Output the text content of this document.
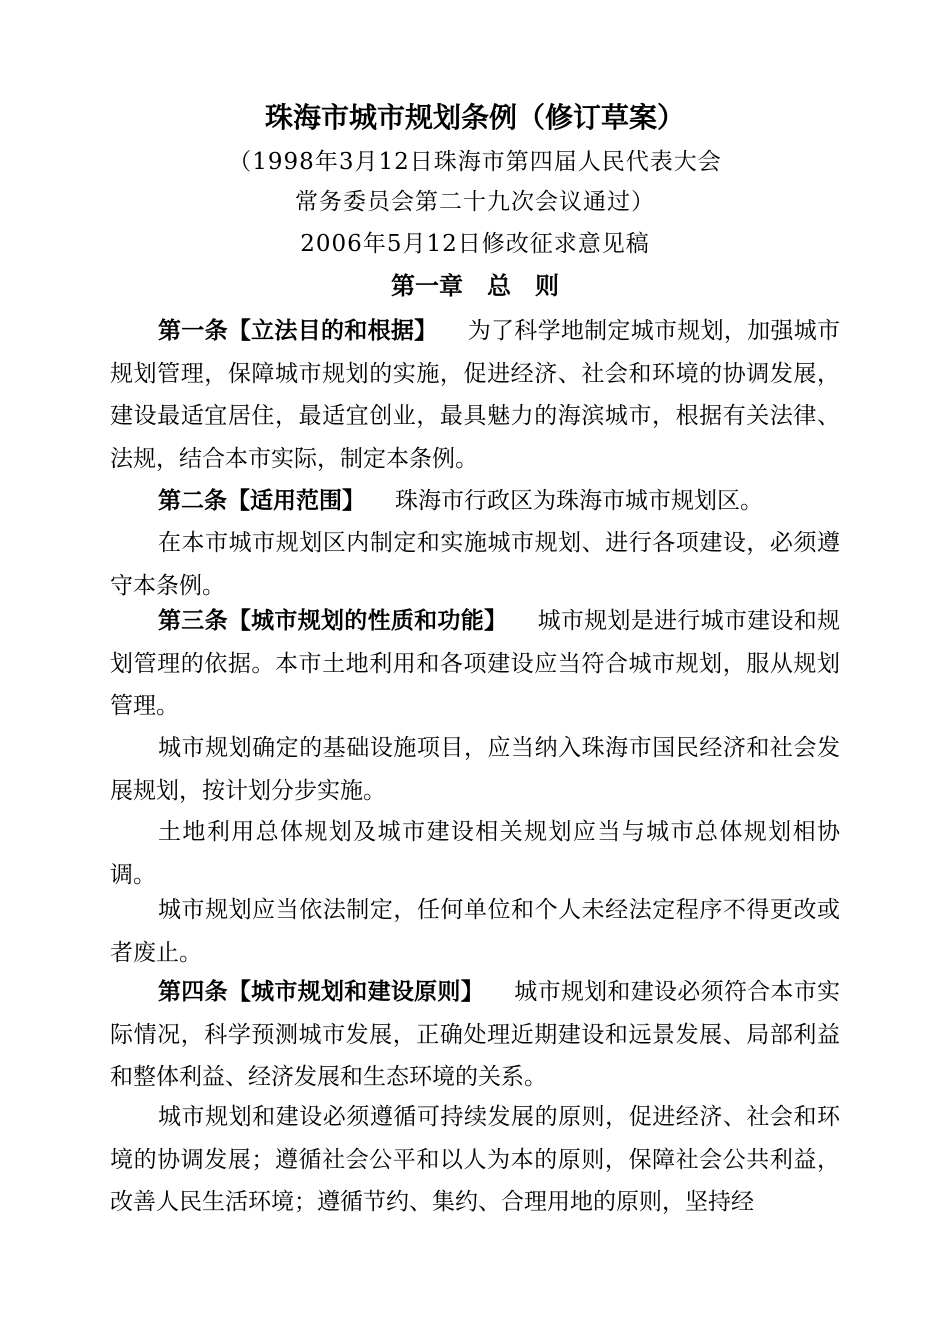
珠海市城市规划条例（修订草案）
（1998年3月12日珠海市第四届人民代表大会
常务委员会第二十九次会议通过）
2006年5月12日修改征求意见稿
第一章　总　则

第一条【立法目的和根据】 为了科学地制定城市规划，加强城市规划管理，保障城市规划的实施，促进经济、社会和环境的协调发展，建设最适宜居住，最适宜创业，最具魅力的海滨城市，根据有关法律、法规，结合本市实际，制定本条例。

第二条【适用范围】 珠海市行政区为珠海市城市规划区。

在本市城市规划区内制定和实施城市规划、进行各项建设，必须遵守本条例。

第三条【城市规划的性质和功能】 城市规划是进行城市建设和规划管理的依据。本市土地利用和各项建设应当符合城市规划，服从规划管理。

城市规划确定的基础设施项目，应当纳入珠海市国民经济和社会发展规划，按计划分步实施。

土地利用总体规划及城市建设相关规划应当与城市总体规划相协调。

城市规划应当依法制定，任何单位和个人未经法定程序不得更改或者废止。

第四条【城市规划和建设原则】 城市规划和建设必须符合本市实际情况，科学预测城市发展，正确处理近期建设和远景发展、局部利益和整体利益、经济发展和生态环境的关系。

城市规划和建设必须遵循可持续发展的原则，促进经济、社会和环境的协调发展；遵循社会公平和以人为本的原则，保障社会公共利益，改善人民生活环境；遵循节约、集约、合理用地的原则，坚持经
